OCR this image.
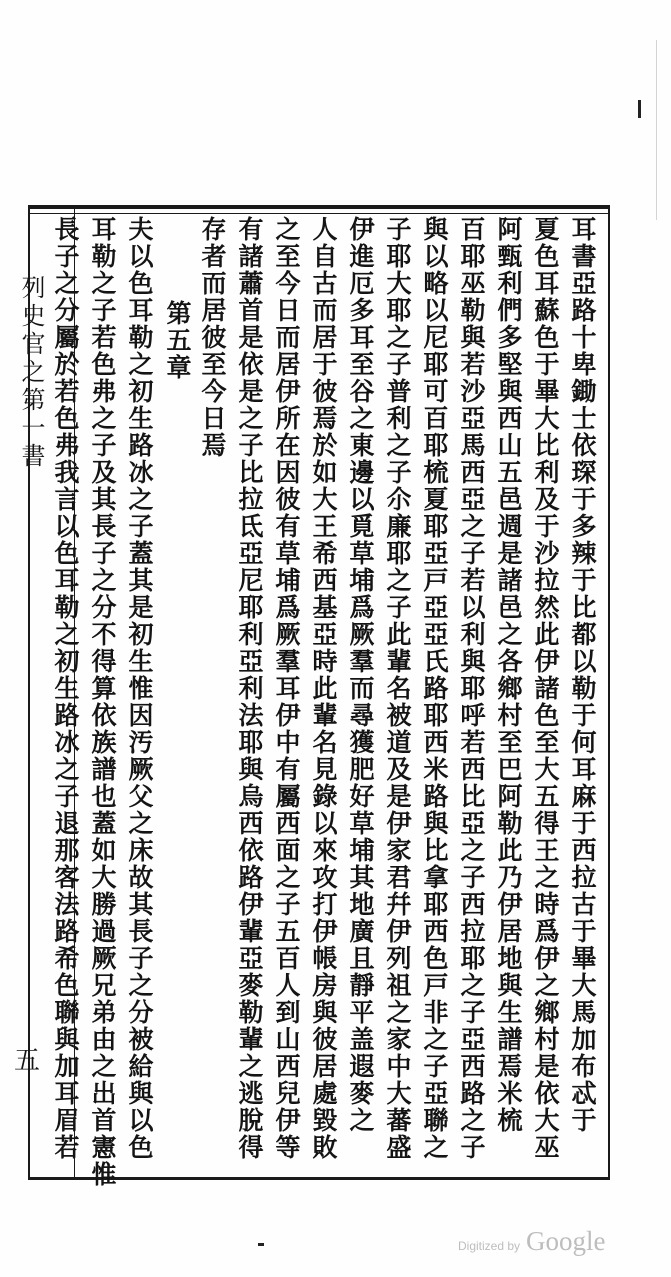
耳書亞路十卑鋤士依琛于多辣于比都以勒于何耳麻于西拉古于畢大馬加布忒于
夏色耳蘇色于畢大比利及于沙拉然此伊諸色至大五得王之時爲伊之鄉村是依大巫
阿甄利們多堅與西山五邑週是諸邑之各鄉村至巴阿勒此乃伊居地與生譜焉米梳
百耶巫勒與若沙亞馬西亞之子若以利與耶呼若西比亞之子西拉耶之子亞西路之子
與以略以尼耶可百耶梳夏耶亞戸亞亞氏路耶西米路與比拿耶西色戸非之子亞聯之
子耶大耶之子普利之子尒廉耶之子此輩名被道及是伊家君幷伊列祖之家中大蕃盛
伊進厄多耳至谷之東邊以覓草埔爲厥羣而尋獲肥好草埔其地廣且靜平盖遐麥之
人自古而居于彼焉於如大王希西基亞時此輩名見錄以來攻打伊帳房與彼居處毀敗
之至今日而居伊所在因彼有草埔爲厥羣耳伊中有屬西面之子五百人到山西兒伊等
有諸蕭首是依是之子比拉氐亞尼耶利亞利法耶與烏西依路伊輩亞麥勒輩之逃脫得
存者而居彼至今日焉
第五章
夫以色耳勒之初生路冰之子蓋其是初生惟因汚厥父之床故其長子之分被給與以色
耳勒之子若色弗之子及其長子之分不得算依族譜也蓋如大勝過厥兄弟由之出首憲惟
長子之分屬於若色弗我言以色耳勒之初生路冰之子退那客法路希色聯與加耳眉若
列史官之第一書
五
Digitized by Google
